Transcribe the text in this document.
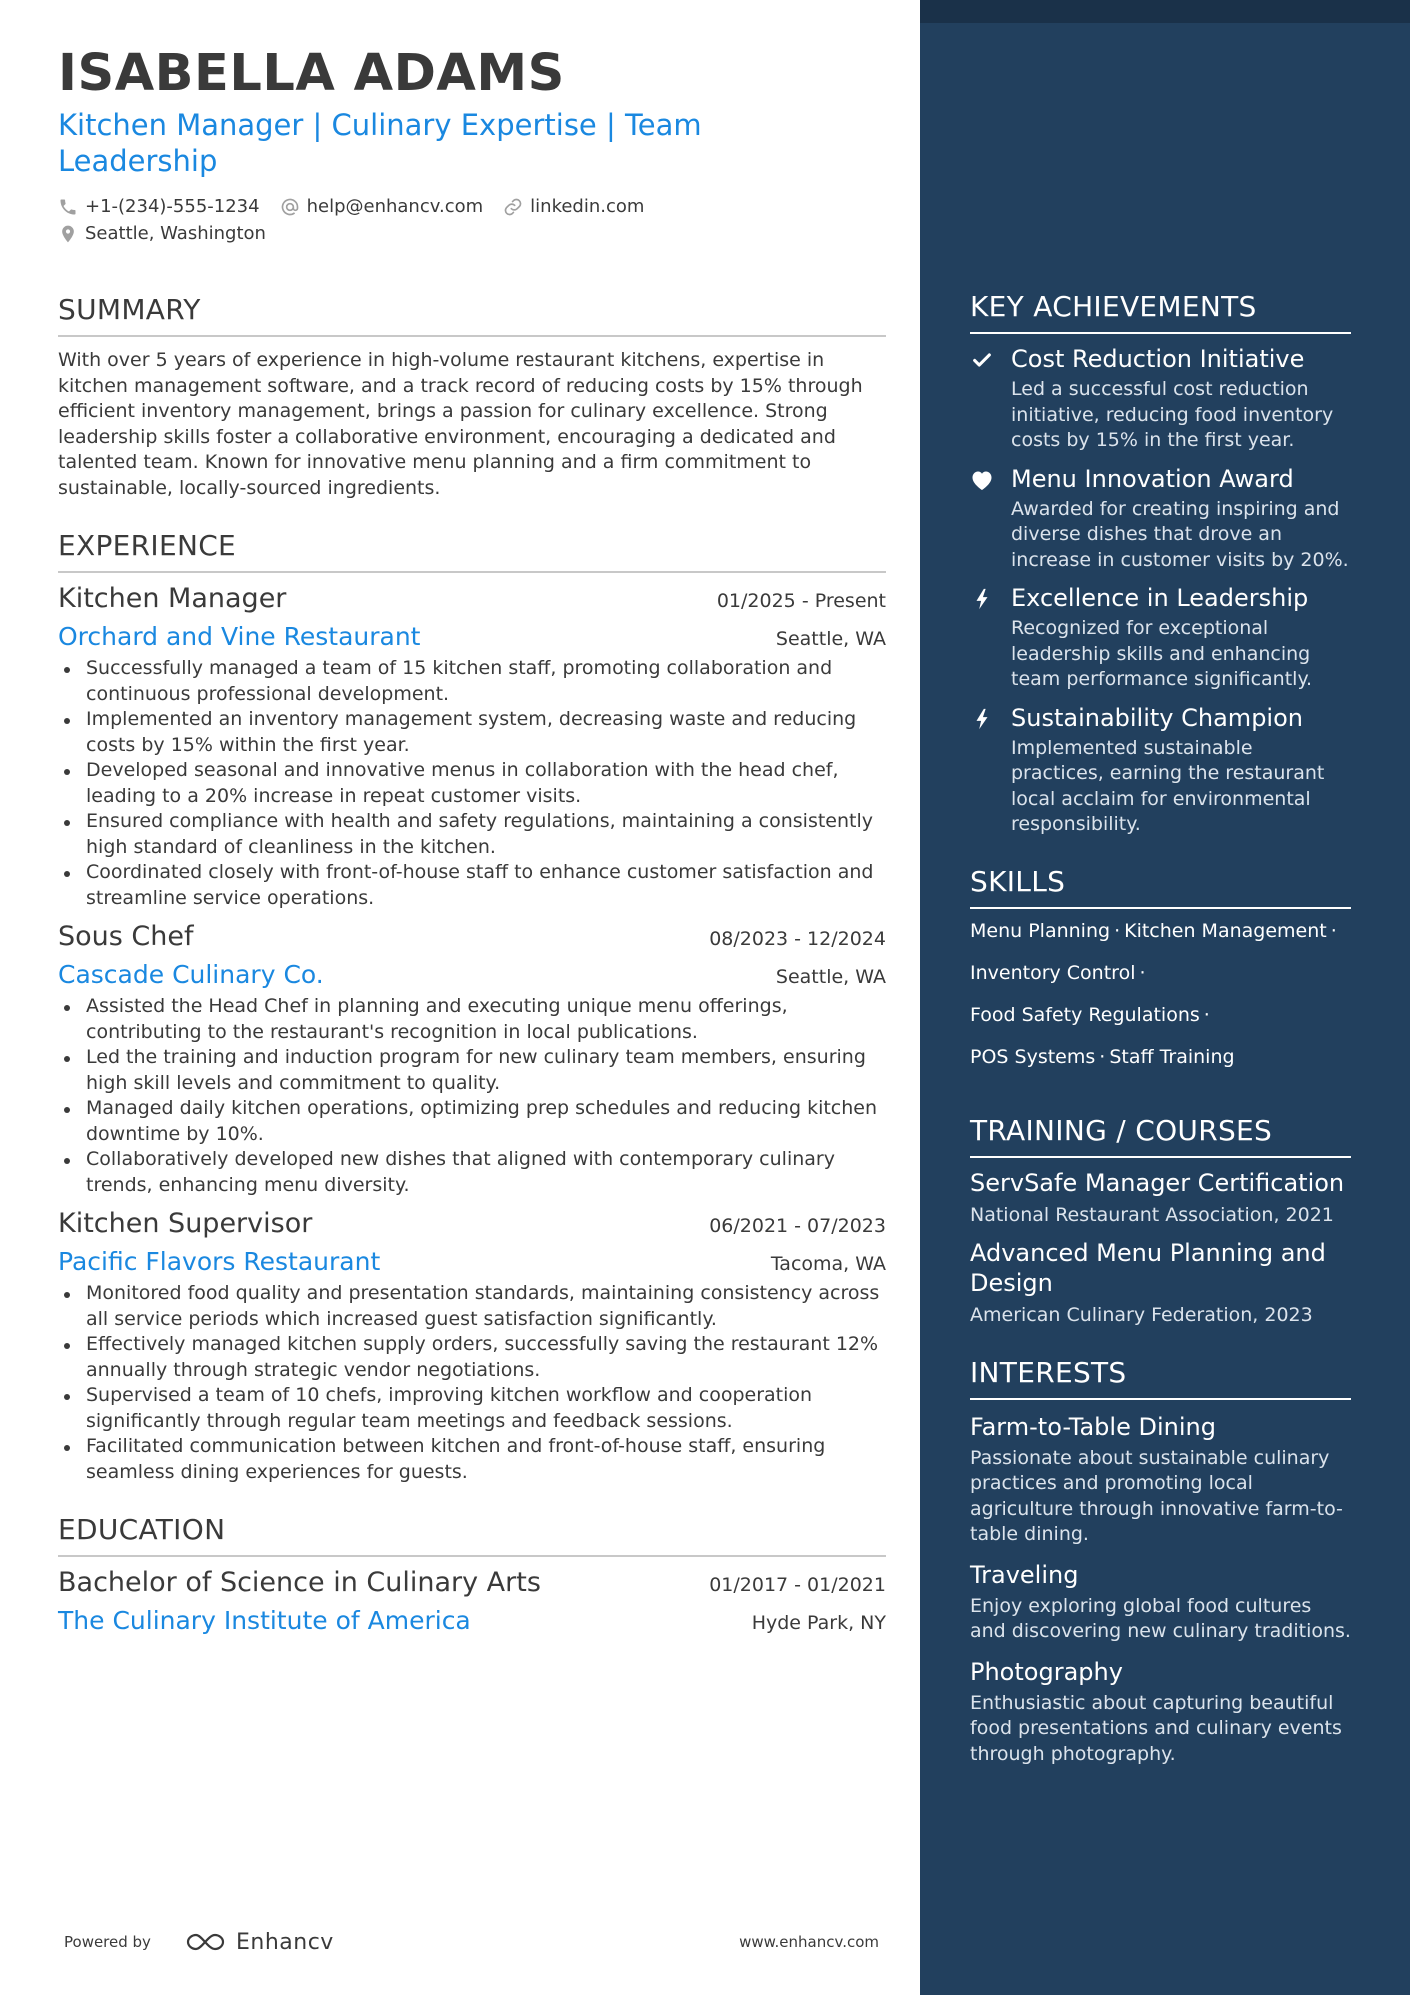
ISABELLA ADAMS
Kitchen Manager | Culinary Expertise | Team Leadership
+1-(234)-555-1234	help@enhancv.com	linkedin.com
Seattle, Washington
SUMMARY
With over 5 years of experience in high-volume restaurant kitchens, expertise in kitchen management software, and a track record of reducing costs by 15% through efficient inventory management, brings a passion for culinary excellence. Strong leadership skills foster a collaborative environment, encouraging a dedicated and talented team. Known for innovative menu planning and a firm commitment to sustainable, locally-sourced ingredients.
EXPERIENCE
Kitchen Manager	01/2025 - Present
Orchard and Vine Restaurant	Seattle, WA
Successfully managed a team of 15 kitchen staff, promoting collaboration and continuous professional development.
Implemented an inventory management system, decreasing waste and reducing costs by 15% within the first year.
Developed seasonal and innovative menus in collaboration with the head chef, leading to a 20% increase in repeat customer visits.
Ensured compliance with health and safety regulations, maintaining a consistently high standard of cleanliness in the kitchen.
Coordinated closely with front-of-house staff to enhance customer satisfaction and streamline service operations.
Sous Chef	08/2023 - 12/2024
Cascade Culinary Co.	Seattle, WA
Assisted the Head Chef in planning and executing unique menu offerings, contributing to the restaurant's recognition in local publications.
Led the training and induction program for new culinary team members, ensuring high skill levels and commitment to quality.
Managed daily kitchen operations, optimizing prep schedules and reducing kitchen downtime by 10%.
Collaboratively developed new dishes that aligned with contemporary culinary trends, enhancing menu diversity.
Kitchen Supervisor	06/2021 - 07/2023
Pacific Flavors Restaurant	Tacoma, WA
Monitored food quality and presentation standards, maintaining consistency across all service periods which increased guest satisfaction significantly.
Effectively managed kitchen supply orders, successfully saving the restaurant 12% annually through strategic vendor negotiations.
Supervised a team of 10 chefs, improving kitchen workflow and cooperation significantly through regular team meetings and feedback sessions.
Facilitated communication between kitchen and front-of-house staff, ensuring seamless dining experiences for guests.
EDUCATION
Bachelor of Science in Culinary Arts	01/2017 - 01/2021
The Culinary Institute of America	Hyde Park, NY
Powered by	Enhancv	www.enhancv.com
KEY ACHIEVEMENTS
Cost Reduction Initiative
Led a successful cost reduction initiative, reducing food inventory costs by 15% in the first year.
Menu Innovation Award
Awarded for creating inspiring and diverse dishes that drove an increase in customer visits by 20%.
Excellence in Leadership
Recognized for exceptional leadership skills and enhancing team performance significantly.
Sustainability Champion
Implemented sustainable practices, earning the restaurant local acclaim for environmental responsibility.
SKILLS
Menu Planning · Kitchen Management ·
Inventory Control ·
Food Safety Regulations ·
POS Systems · Staff Training
TRAINING / COURSES
ServSafe Manager Certification
National Restaurant Association, 2021
Advanced Menu Planning and Design
American Culinary Federation, 2023
INTERESTS
Farm-to-Table Dining
Passionate about sustainable culinary practices and promoting local agriculture through innovative farm-to-table dining.
Traveling
Enjoy exploring global food cultures and discovering new culinary traditions.
Photography
Enthusiastic about capturing beautiful food presentations and culinary events through photography.
